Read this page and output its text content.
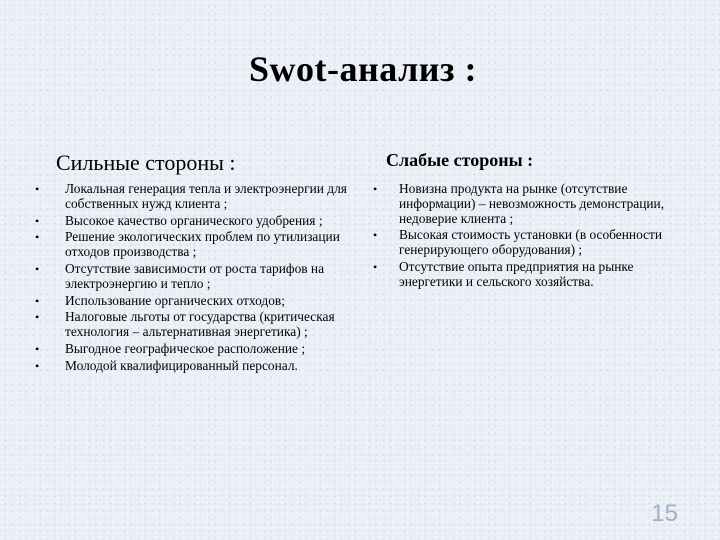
Swot-анализ :
Сильные стороны :	Слабые стороны :
• Локальная генерация тепла и электроэнергии для собственных нужд клиента ;
• Высокое качество органического удобрения ;
• Решение экологических проблем по утилизации отходов производства ;
• Отсутствие зависимости от роста тарифов на электроэнергию и тепло ;
• Использование органических отходов;
• Налоговые льготы от государства (критическая технология – альтернативная энергетика) ;
• Выгодное географическое расположение ;
• Молодой квалифицированный персонал.
• Новизна продукта на рынке (отсутствие информации) – невозможность демонстрации, недоверие клиента ;
• Высокая стоимость установки (в особенности генерирующего оборудования) ;
• Отсутствие опыта предприятия на рынке энергетики и сельского хозяйства.
15
